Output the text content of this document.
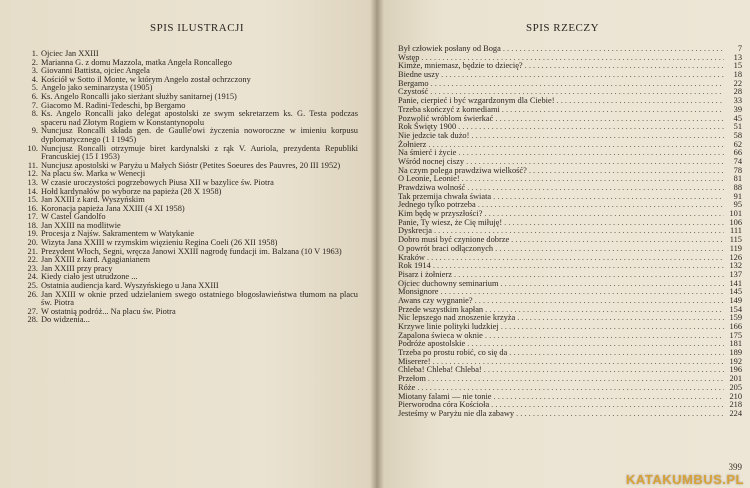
SPIS ILUSTRACJI
1. Ojciec Jan XXIII
2. Marianna G. z domu Mazzola, matka Angela Roncallego
3. Giovanni Battista, ojciec Angela
4. Kościół w Sotto il Monte, w którym Angelo został ochrzczony
5. Angelo jako seminarzysta (1905)
6. Ks. Angelo Roncalli jako sierżant służby sanitarnej (1915)
7. Giacomo M. Radini-Tedeschi, bp Bergamo
8. Ks. Angelo Roncalli jako delegat apostolski ze swym sekretarzem ks. G. Testa podczas spaceru nad Złotym Rogiem w Konstantynopolu
9. Nuncjusz Roncalli składa gen. de Gaulle'owi życzenia noworoczne w imieniu korpusu dyplomatycznego (1 I 1945)
10. Nuncjusz Roncalli otrzymuje biret kardynalski z rąk V. Auriola, prezydenta Republiki Francuskiej (15 I 1953)
11. Nuncjusz apostolski w Paryżu u Małych Sióstr (Petites Soeures des Pauvres, 20 III 1952)
12. Na placu św. Marka w Wenecji
13. W czasie uroczystości pogrzebowych Piusa XII w bazylice św. Piotra
14. Hołd kardynałów po wyborze na papieża (28 X 1958)
15. Jan XXIII z kard. Wyszyńskim
16. Koronacja papieża Jana XXIII (4 XI 1958)
17. W Castel Gandolfo
18. Jan XXIII na modlitwie
19. Procesja z Najśw. Sakramentem w Watykanie
20. Wizyta Jana XXIII w rzymskim więzieniu Regina Coeli (26 XII 1958)
21. Prezydent Włoch, Segni, wręcza Janowi XXIII nagrodę fundacji im. Balzana (10 V 1963)
22. Jan XXIII z kard. Agagianianem
23. Jan XXIII przy pracy
24. Kiedy ciało jest utrudzone ...
25. Ostatnia audiencja kard. Wyszyńskiego u Jana XXIII
26. Jan XXIII w oknie przed udzielaniem swego ostatniego błogosławieństwa tłumom na placu św. Piotra
27. W ostatnią podróż... Na placu św. Piotra
28. Do widzenia...
SPIS RZECZY
Był człowiek posłany od Boga . . .	7
Wstęp . . .	13
Kimże, mniemasz, będzie to dziecię? . . .	15
Biedne uszy . . .	18
Bergamo . . .	22
Czystość . . .	28
Panie, cierpieć i być wzgardzonym dla Ciebie! . . .	33
Trzeba skończyć z komediami . . .	39
Pozwolić wróblom świerkać . . .	45
Rok Święty 1900 . . .	51
Nie jedzcie tak dużo! . . .	58
Żołnierz . . .	62
Na śmierć i życie . . .	66
Wśród nocnej ciszy . . .	74
Na czym polega prawdziwa wielkość? . . .	78
O Leonie, Leonie! . . .	81
Prawdziwa wolność . . .	88
Tak przemija chwała świata . . .	91
Jednego tylko potrzeba . . .	95
Kim będę w przyszłości? . . .	101
Panie, Ty wiesz, że Cię miłuję! . . .	106
Dyskrecja . . .	111
Dobro musi być czynione dobrze . . .	115
O powrót braci odłączonych . . .	119
Kraków . . .	126
Rok 1914 . . .	132
Pisarz i żołnierz . . .	137
Ojciec duchowny seminarium . . .	141
Monsignore . . .	145
Awans czy wygnanie? . . .	149
Przede wszystkim kapłan . . .	154
Nic lepszego nad znoszenie krzyża . . .	159
Krzywe linie polityki ludzkiej . . .	166
Zapalona świeca w oknie . . .	175
Podróże apostolskie . . .	181
Trzeba po prostu robić, co się da . . .	189
Miserere! . . .	192
Chleba! Chleba! Chleba! . . .	196
Przełom . . .	201
Róże . . .	205
Miotany falami — nie tonie . . .	210
Pierworodna córa Kościoła . . .	218
Jesteśmy w Paryżu nie dla zabawy . . .	224
399
KATAKUMBUS.PL
